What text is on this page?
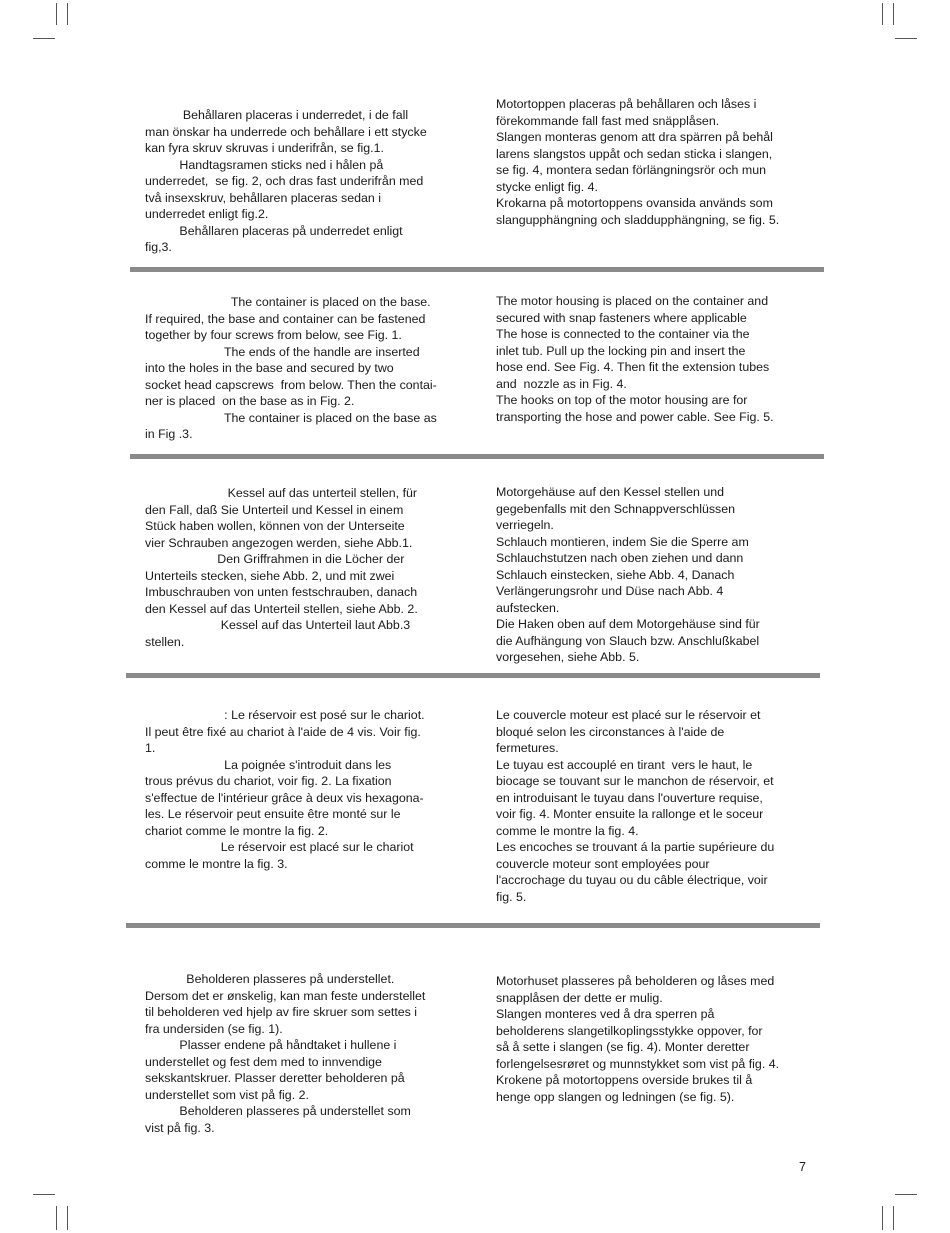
Behållaren placeras i underredet, i de fall
man önskar ha underrede och behållare i ett stycke
kan fyra skruv skruvas i underifrån, se fig.1.
Handtagsramen sticks ned i hålen på
underredet,  se fig. 2, och dras fast underifrån med
två insexskruv, behållaren placeras sedan i
underredet enligt fig.2.
Behållaren placeras på underredet enligt
fig,3.
Motortoppen placeras på behållaren och låses i
förekommande fall fast med snäpplåsen.
Slangen monteras genom att dra spärren på behål
larens slangstos uppåt och sedan sticka i slangen,
se fig. 4, montera sedan förlängningsrör och mun
stycke enligt fig. 4.
Krokarna på motortoppens ovansida används som
slangupphängning och sladdupphängning, se fig. 5.
The container is placed on the base.
If required, the base and container can be fastened
together by four screws from below, see Fig. 1.
The ends of the handle are inserted
into the holes in the base and secured by two
socket head capscrews  from below. Then the contai-
ner is placed  on the base as in Fig. 2.
The container is placed on the base as
in Fig .3.
The motor housing is placed on the container and
secured with snap fasteners where applicable
The hose is connected to the container via the
inlet tub. Pull up the locking pin and insert the
hose end. See Fig. 4. Then fit the extension tubes
and  nozzle as in Fig. 4.
The hooks on top of the motor housing are for
transporting the hose and power cable. See Fig. 5.
Kessel auf das unterteil stellen, für
den Fall, daß Sie Unterteil und Kessel in einem
Stück haben wollen, können von der Unterseite
vier Schrauben angezogen werden, siehe Abb.1.
Den Griffrahmen in die Löcher der
Unterteils stecken, siehe Abb. 2, und mit zwei
Imbuschrauben von unten festschrauben, danach
den Kessel auf das Unterteil stellen, siehe Abb. 2.
Kessel auf das Unterteil laut Abb.3
stellen.
Motorgehäuse auf den Kessel stellen und
gegebenfalls mit den Schnappverschlüssen
verriegeln.
Schlauch montieren, indem Sie die Sperre am
Schlauchstutzen nach oben ziehen und dann
Schlauch einstecken, siehe Abb. 4, Danach
Verlängerungsrohr und Düse nach Abb. 4
aufstecken.
Die Haken oben auf dem Motorgehäuse sind für
die Aufhängung von Slauch bzw. Anschlußkabel
vorgesehen, siehe Abb. 5.
: Le réservoir est posé sur le chariot.
Il peut être fixé au chariot à l'aide de 4 vis. Voir fig.
1.
La poignée s'introduit dans les
trous prévus du chariot, voir fig. 2. La fixation
s'effectue de l'intérieur grâce à deux vis hexagona-
les. Le réservoir peut ensuite être monté sur le
chariot comme le montre la fig. 2.
Le réservoir est placé sur le chariot
comme le montre la fig. 3.
Le couvercle moteur est placé sur le réservoir et
bloqué selon les circonstances à l'aide de
fermetures.
Le tuyau est accouplé en tirant  vers le haut, le
biocage se touvant sur le manchon de réservoir, et
en introduisant le tuyau dans l'ouverture requise,
voir fig. 4. Monter ensuite la rallonge et le soceur
comme le montre la fig. 4.
Les encoches se trouvant á la partie supérieure du
couvercle moteur sont employées pour
l'accrochage du tuyau ou du câble électrique, voir
fig. 5.
Beholderen plasseres på understellet.
Dersom det er ønskelig, kan man feste understellet
til beholderen ved hjelp av fire skruer som settes i
fra undersiden (se fig. 1).
Plasser endene på håndtaket i hullene i
understellet og fest dem med to innvendige
sekskantskruer. Plasser deretter beholderen på
understellet som vist på fig. 2.
Beholderen plasseres på understellet som
vist på fig. 3.
Motorhuset plasseres på beholderen og låses med
snapplåsen der dette er mulig.
Slangen monteres ved å dra sperren på
beholderens slangetilkoplingsstykke oppover, for
så å sette i slangen (se fig. 4). Monter deretter
forlengelsesrøret og munnstykket som vist på fig. 4.
Krokene på motortoppens overside brukes til å
henge opp slangen og ledningen (se fig. 5).
7
